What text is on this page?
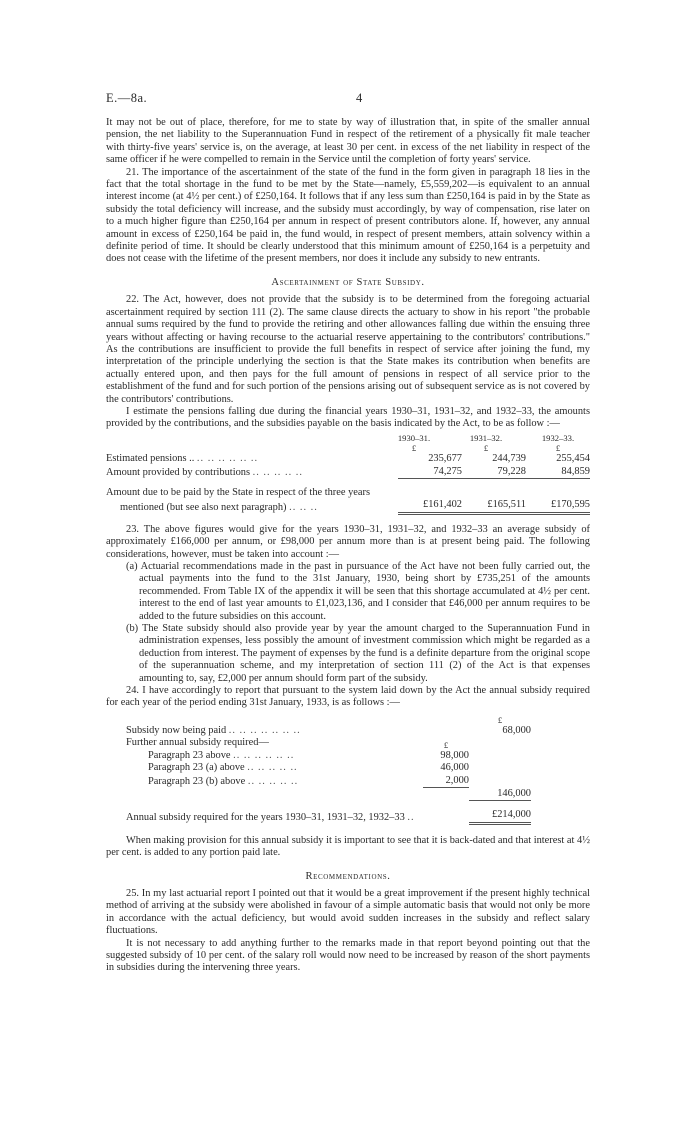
E.—8a.	4

It may not be out of place, therefore, for me to state by way of illustration that, in spite of the smaller annual pension, the net liability to the Superannuation Fund in respect of the retirement of a physically fit male teacher with thirty-five years' service is, on the average, at least 30 per cent. in excess of the net liability in respect of the same officer if he were compelled to remain in the Service until the completion of forty years' service.

21. The importance of the ascertainment of the state of the fund in the form given in paragraph 18 lies in the fact that the total shortage in the fund to be met by the State—namely, £5,559,202—is equivalent to an annual interest income (at 4½ per cent.) of £250,164. It follows that if any less sum than £250,164 is paid in by the State as subsidy the total deficiency will increase, and the subsidy must accordingly, by way of compensation, rise later on to a much higher figure than £250,164 per annum in respect of present contributors alone. If, however, any annual amount in excess of £250,164 be paid in, the fund would, in respect of present members, attain solvency within a definite period of time. It should be clearly understood that this minimum amount of £250,164 is a perpetuity and does not cease with the lifetime of the present members, nor does it include any subsidy to new entrants.

Ascertainment of State Subsidy.

22. The Act, however, does not provide that the subsidy is to be determined from the foregoing actuarial ascertainment required by section 111 (2). The same clause directs the actuary to show in his report "the probable annual sums required by the fund to provide the retiring and other allowances falling due within the ensuing three years without affecting or having recourse to the actuarial reserve appertaining to the contributors' contributions." As the contributions are insufficient to provide the full benefits in respect of service after joining the fund, my interpretation of the principle underlying the section is that the State makes its contribution when benefits are actually entered upon, and then pays for the full amount of pensions in respect of all service prior to the establishment of the fund and for such portion of the pensions arising out of subsequent service as is not covered by the contributors' contributions.

I estimate the pensions falling due during the financial years 1930–31, 1931–32, and 1932–33, the amounts provided by the contributions, and the subsidies payable on the basis indicated by the Act, to be as follow :—

1930–31.	1931–32.	1932–33.
£	£	£
Estimated pensions .. .. .. .. .. .. ..	235,677	244,739	255,454
Amount provided by contributions .. .. .. .. ..	74,275	79,228	84,859
Amount due to be paid by the State in respect of the three years
mentioned (but see also next paragraph) .. .. ..	£161,402	£165,511	£170,595

23. The above figures would give for the years 1930–31, 1931–32, and 1932–33 an average subsidy of approximately £166,000 per annum, or £98,000 per annum more than is at present being paid. The following considerations, however, must be taken into account :—

(a) Actuarial recommendations made in the past in pursuance of the Act have not been fully carried out, the actual payments into the fund to the 31st January, 1930, being short by £735,251 of the amounts recommended. From Table IX of the appendix it will be seen that this shortage accumulated at 4½ per cent. interest to the end of last year amounts to £1,023,136, and I consider that £46,000 per annum requires to be added to the future subsidies on this account.

(b) The State subsidy should also provide year by year the amount charged to the Superannuation Fund in administration expenses, less possibly the amount of investment commission which might be regarded as a deduction from interest. The payment of expenses by the fund is a definite departure from the original scope of the superannuation scheme, and my interpretation of section 111 (2) of the Act is that expenses amounting to, say, £2,000 per annum should form part of the subsidy.

24. I have accordingly to report that pursuant to the system laid down by the Act the annual subsidy required for each year of the period ending 31st January, 1933, is as follows :—

£
Subsidy now being paid .. .. .. .. .. .. ..	68,000
Further annual subsidy required—	£
Paragraph 23 above .. .. .. .. .. ..	98,000
Paragraph 23 (a) above .. .. .. .. ..	46,000
Paragraph 23 (b) above .. .. .. .. ..	2,000
146,000
Annual subsidy required for the years 1930–31, 1931–32, 1932–33 ..	£214,000

When making provision for this annual subsidy it is important to see that it is back-dated and that interest at 4½ per cent. is added to any portion paid late.

Recommendations.

25. In my last actuarial report I pointed out that it would be a great improvement if the present highly technical method of arriving at the subsidy were abolished in favour of a simple automatic basis that would not only be more in accordance with the actual deficiency, but would avoid sudden increases in the subsidy and reflect salary fluctuations.

It is not necessary to add anything further to the remarks made in that report beyond pointing out that the suggested subsidy of 10 per cent. of the salary roll would now need to be increased by reason of the short payments in subsidies during the intervening three years.
